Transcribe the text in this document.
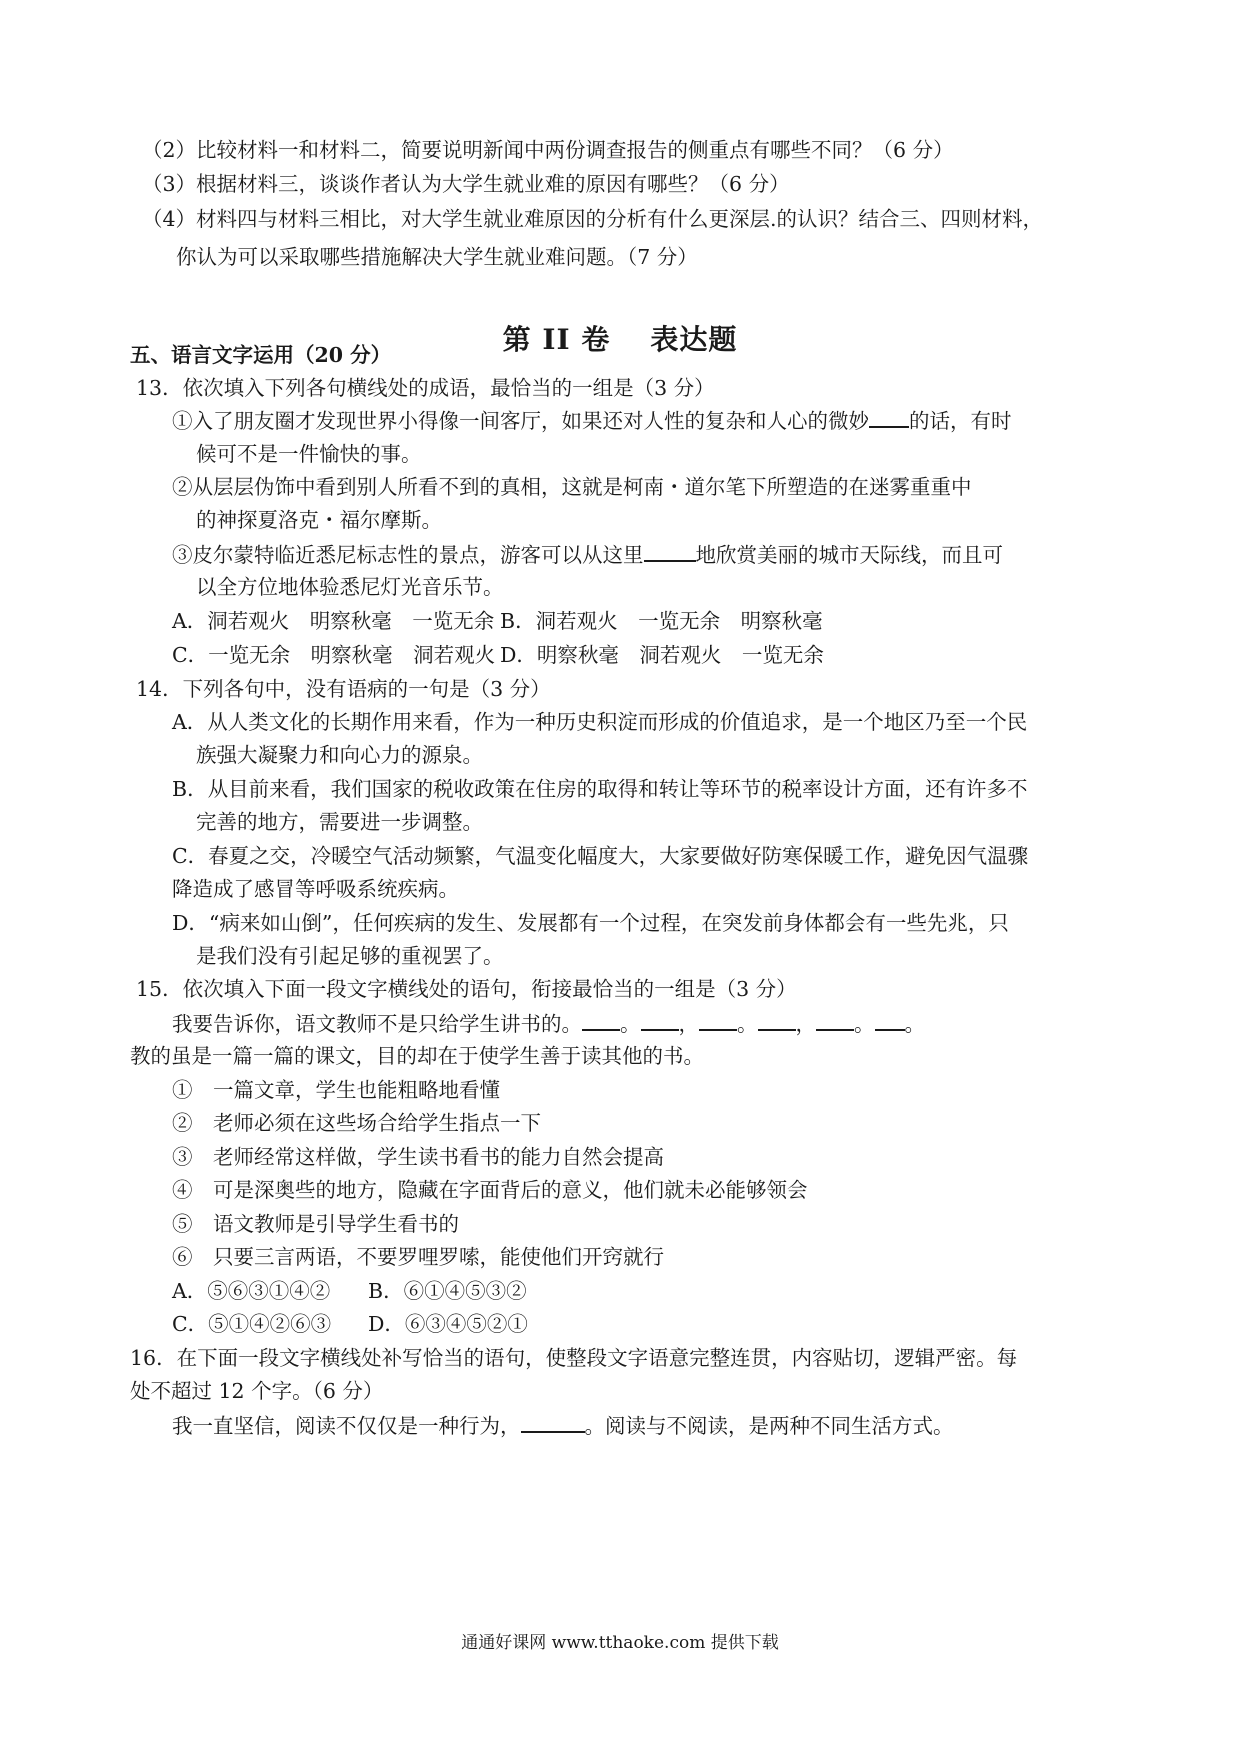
（2）比较材料一和材料二，简要说明新闻中两份调查报告的侧重点有哪些不同？（6 分）
（3）根据材料三，谈谈作者认为大学生就业难的原因有哪些？（6 分）
（4）材料四与材料三相比，对大学生就业难原因的分析有什么更深层.的认识？结合三、四则材料，
你认为可以采取哪些措施解决大学生就业难问题。（7 分）
第 II 卷 表达题
五、语言文字运用（20 分）
13．依次填入下列各句横线处的成语，最恰当的一组是（3 分）
①入了朋友圈才发现世界小得像一间客厅，如果还对人性的复杂和人心的微妙 的话，有时
候可不是一件愉快的事。
②从层层伪饰中看到别人所看不到的真相，这就是柯南・道尔笔下所塑造的在迷雾重重中
的神探夏洛克・福尔摩斯。
③皮尔蒙特临近悉尼标志性的景点，游客可以从这里	地欣赏美丽的城市天际线，而且可
以全方位地体验悉尼灯光音乐节。
A．洞若观火　明察秋毫　一览无余 B．洞若观火　一览无余　明察秋毫
C．一览无余　明察秋毫　洞若观火 D．明察秋毫　洞若观火　一览无余
14．下列各句中，没有语病的一句是（3 分）
A．从人类文化的长期作用来看，作为一种历史积淀而形成的价值追求，是一个地区乃至一个民
族强大凝聚力和向心力的源泉。
B．从目前来看，我们国家的税收政策在住房的取得和转让等环节的税率设计方面，还有许多不
完善的地方，需要进一步调整。
C．春夏之交，冷暖空气活动频繁，气温变化幅度大，大家要做好防寒保暖工作，避免因气温骤
降造成了感冒等呼吸系统疾病。
D．“病来如山倒”，任何疾病的发生、发展都有一个过程，在突发前身体都会有一些先兆，只
是我们没有引起足够的重视罢了。
15．依次填入下面一段文字横线处的语句，衔接最恰当的一组是（3 分）
我要告诉你，语文教师不是只给学生讲书的。 。 ， 。 ， 。 。
教的虽是一篇一篇的课文，目的却在于使学生善于读其他的书。
①　一篇文章，学生也能粗略地看懂
②　老师必须在这些场合给学生指点一下
③　老师经常这样做，学生读书看书的能力自然会提高
④　可是深奥些的地方，隐藏在字面背后的意义，他们就未必能够领会
⑤　语文教师是引导学生看书的
⑥　只要三言两语，不要罗哩罗嗦，能使他们开窍就行
A．⑤⑥③①④② B．⑥①④⑤③②
C．⑤①④②⑥③ D．⑥③④⑤②①
16．在下面一段文字横线处补写恰当的语句，使整段文字语意完整连贯，内容贴切，逻辑严密。每
处不超过 12 个字。（6 分）
我一直坚信，阅读不仅仅是一种行为，	。阅读与不阅读，是两种不同生活方式。
通通好课网 www.tthaoke.com 提供下载
